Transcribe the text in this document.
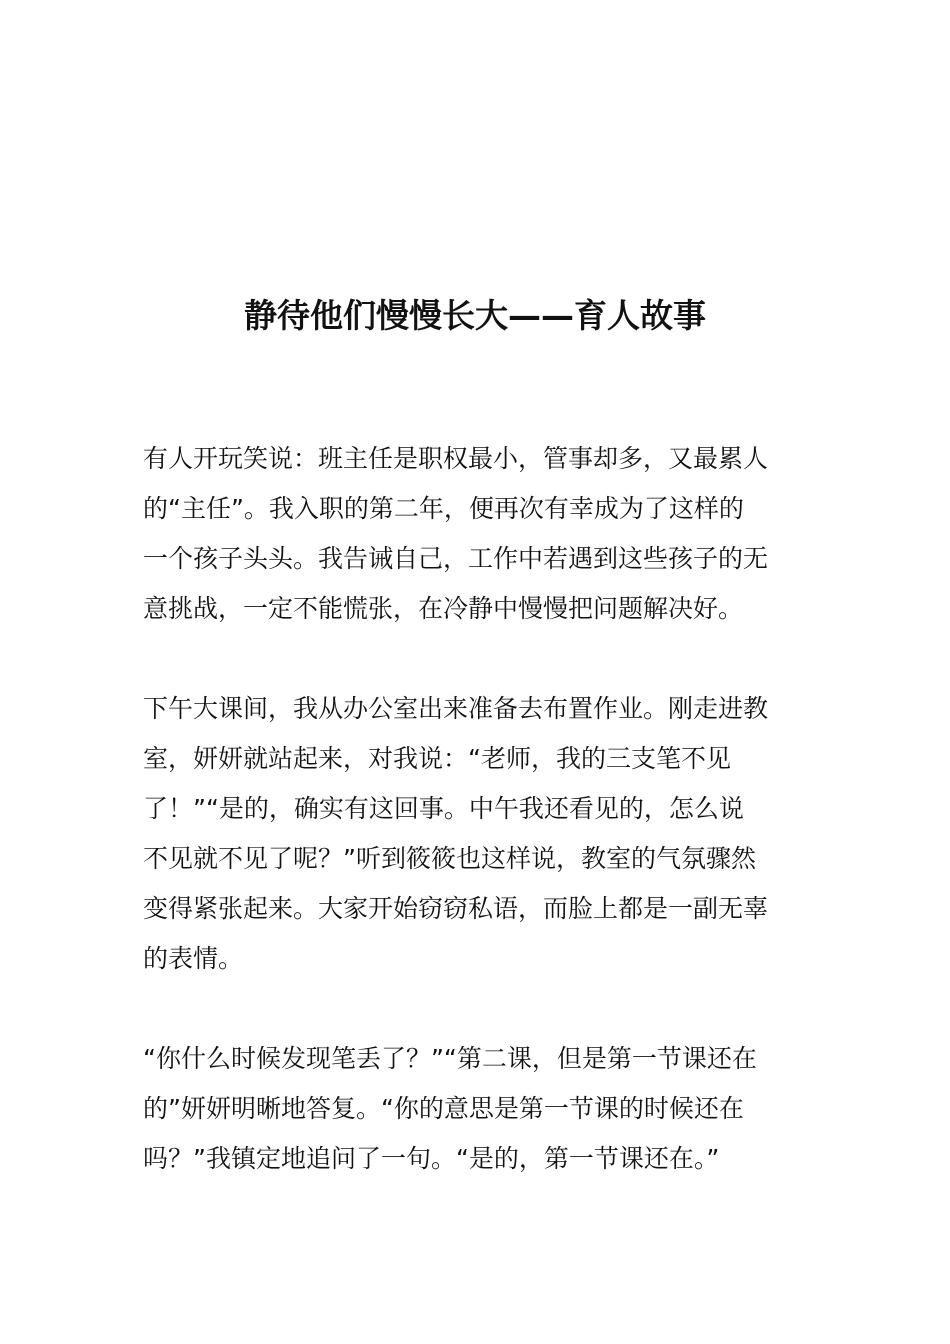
静待他们慢慢长大——育人故事

有人开玩笑说：班主任是职权最小，管事却多，又最累人
的“主任”。我入职的第二年，便再次有幸成为了这样的
一个孩子头头。我告诫自己，工作中若遇到这些孩子的无
意挑战，一定不能慌张，在冷静中慢慢把问题解决好。

下午大课间，我从办公室出来准备去布置作业。刚走进教
室，妍妍就站起来，对我说：“老师，我的三支笔不见
了！”“是的，确实有这回事。中午我还看见的，怎么说
不见就不见了呢？”听到筱筱也这样说，教室的气氛骤然
变得紧张起来。大家开始窃窃私语，而脸上都是一副无辜
的表情。

“你什么时候发现笔丢了？”“第二课，但是第一节课还在
的”妍妍明晰地答复。“你的意思是第一节课的时候还在
吗？”我镇定地追问了一句。“是的，第一节课还在。”
